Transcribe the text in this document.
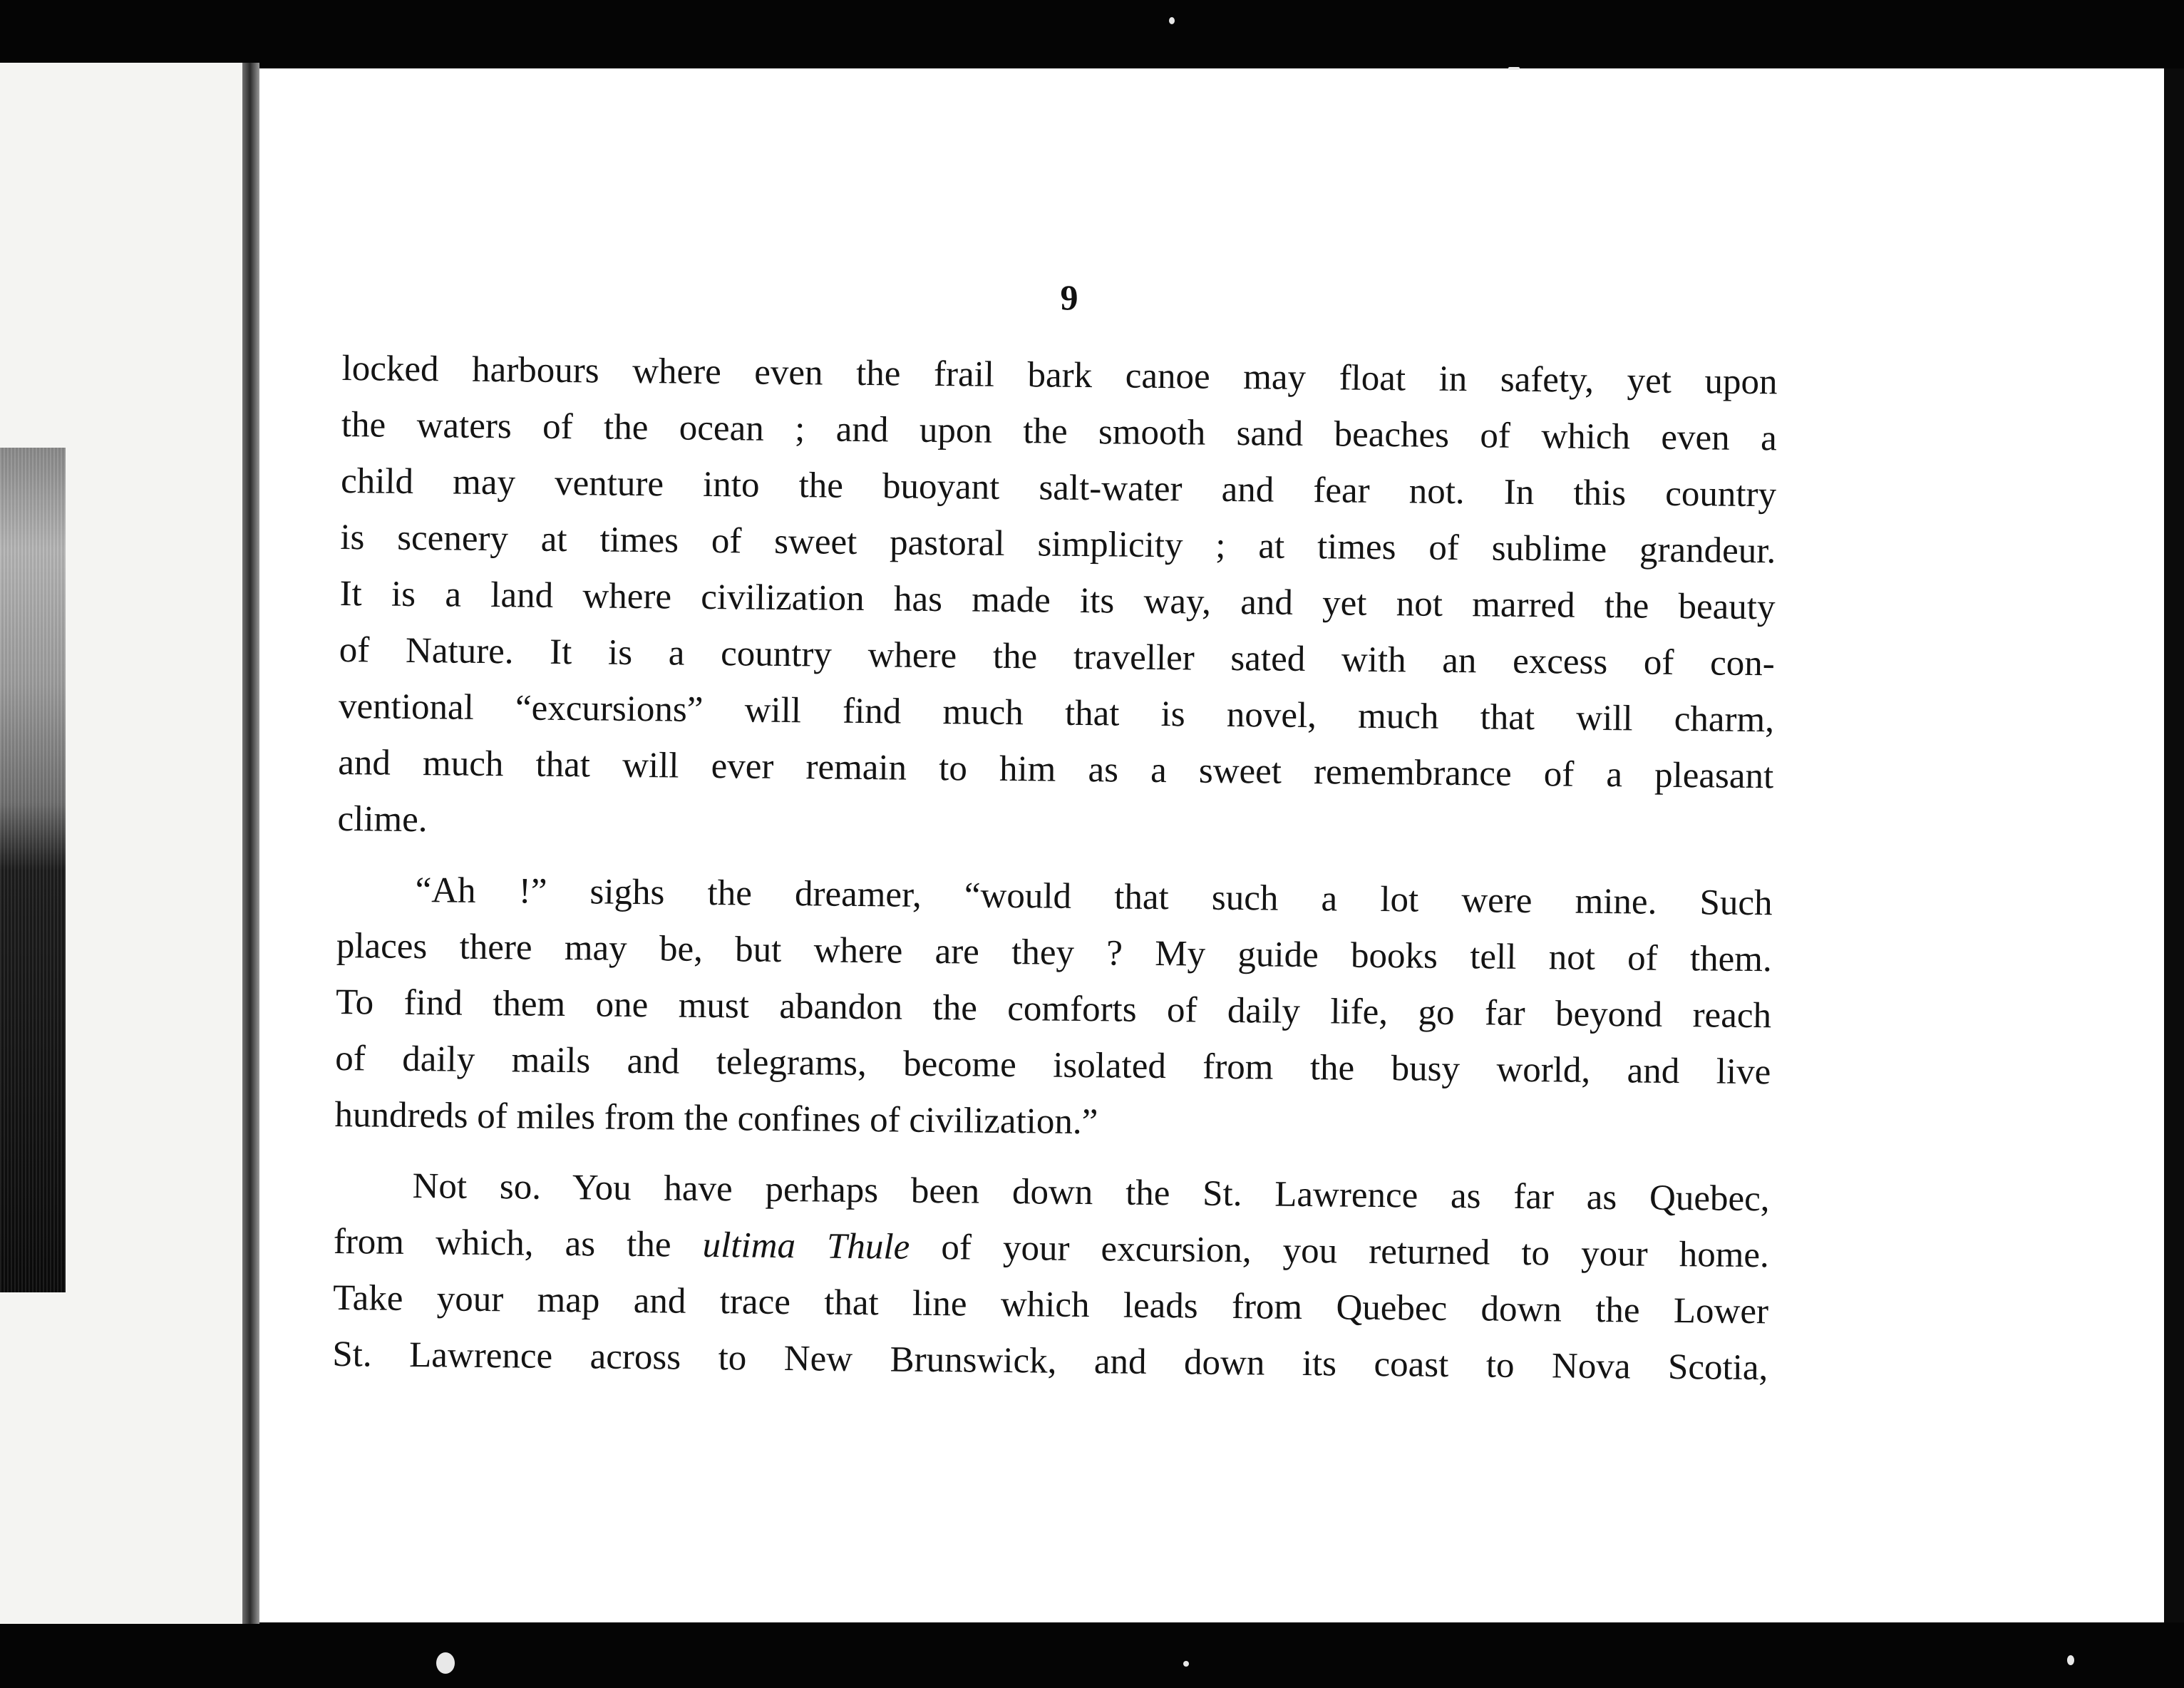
9
locked harbours where even the frail bark canoe may float in safety, yet upon
the waters of the ocean ; and upon the smooth sand beaches of which even a
child may venture into the buoyant salt-water and fear not. In this country
is scenery at times of sweet pastoral simplicity ; at times of sublime grandeur.
It is a land where civilization has made its way, and yet not marred the beauty
of Nature. It is a country where the traveller sated with an excess of con-
ventional “excursions” will find much that is novel, much that will charm,
and much that will ever remain to him as a sweet remembrance of a pleasant
clime.
“Ah !” sighs the dreamer, “would that such a lot were mine. Such
places there may be, but where are they ? My guide books tell not of them.
To find them one must abandon the comforts of daily life, go far beyond reach
of daily mails and telegrams, become isolated from the busy world, and live
hundreds of miles from the confines of civilization.”
Not so. You have perhaps been down the St. Lawrence as far as Quebec,
from which, as the ultima Thule of your excursion, you returned to your home.
Take your map and trace that line which leads from Quebec down the Lower
St. Lawrence across to New Brunswick, and down its coast to Nova Scotia,
